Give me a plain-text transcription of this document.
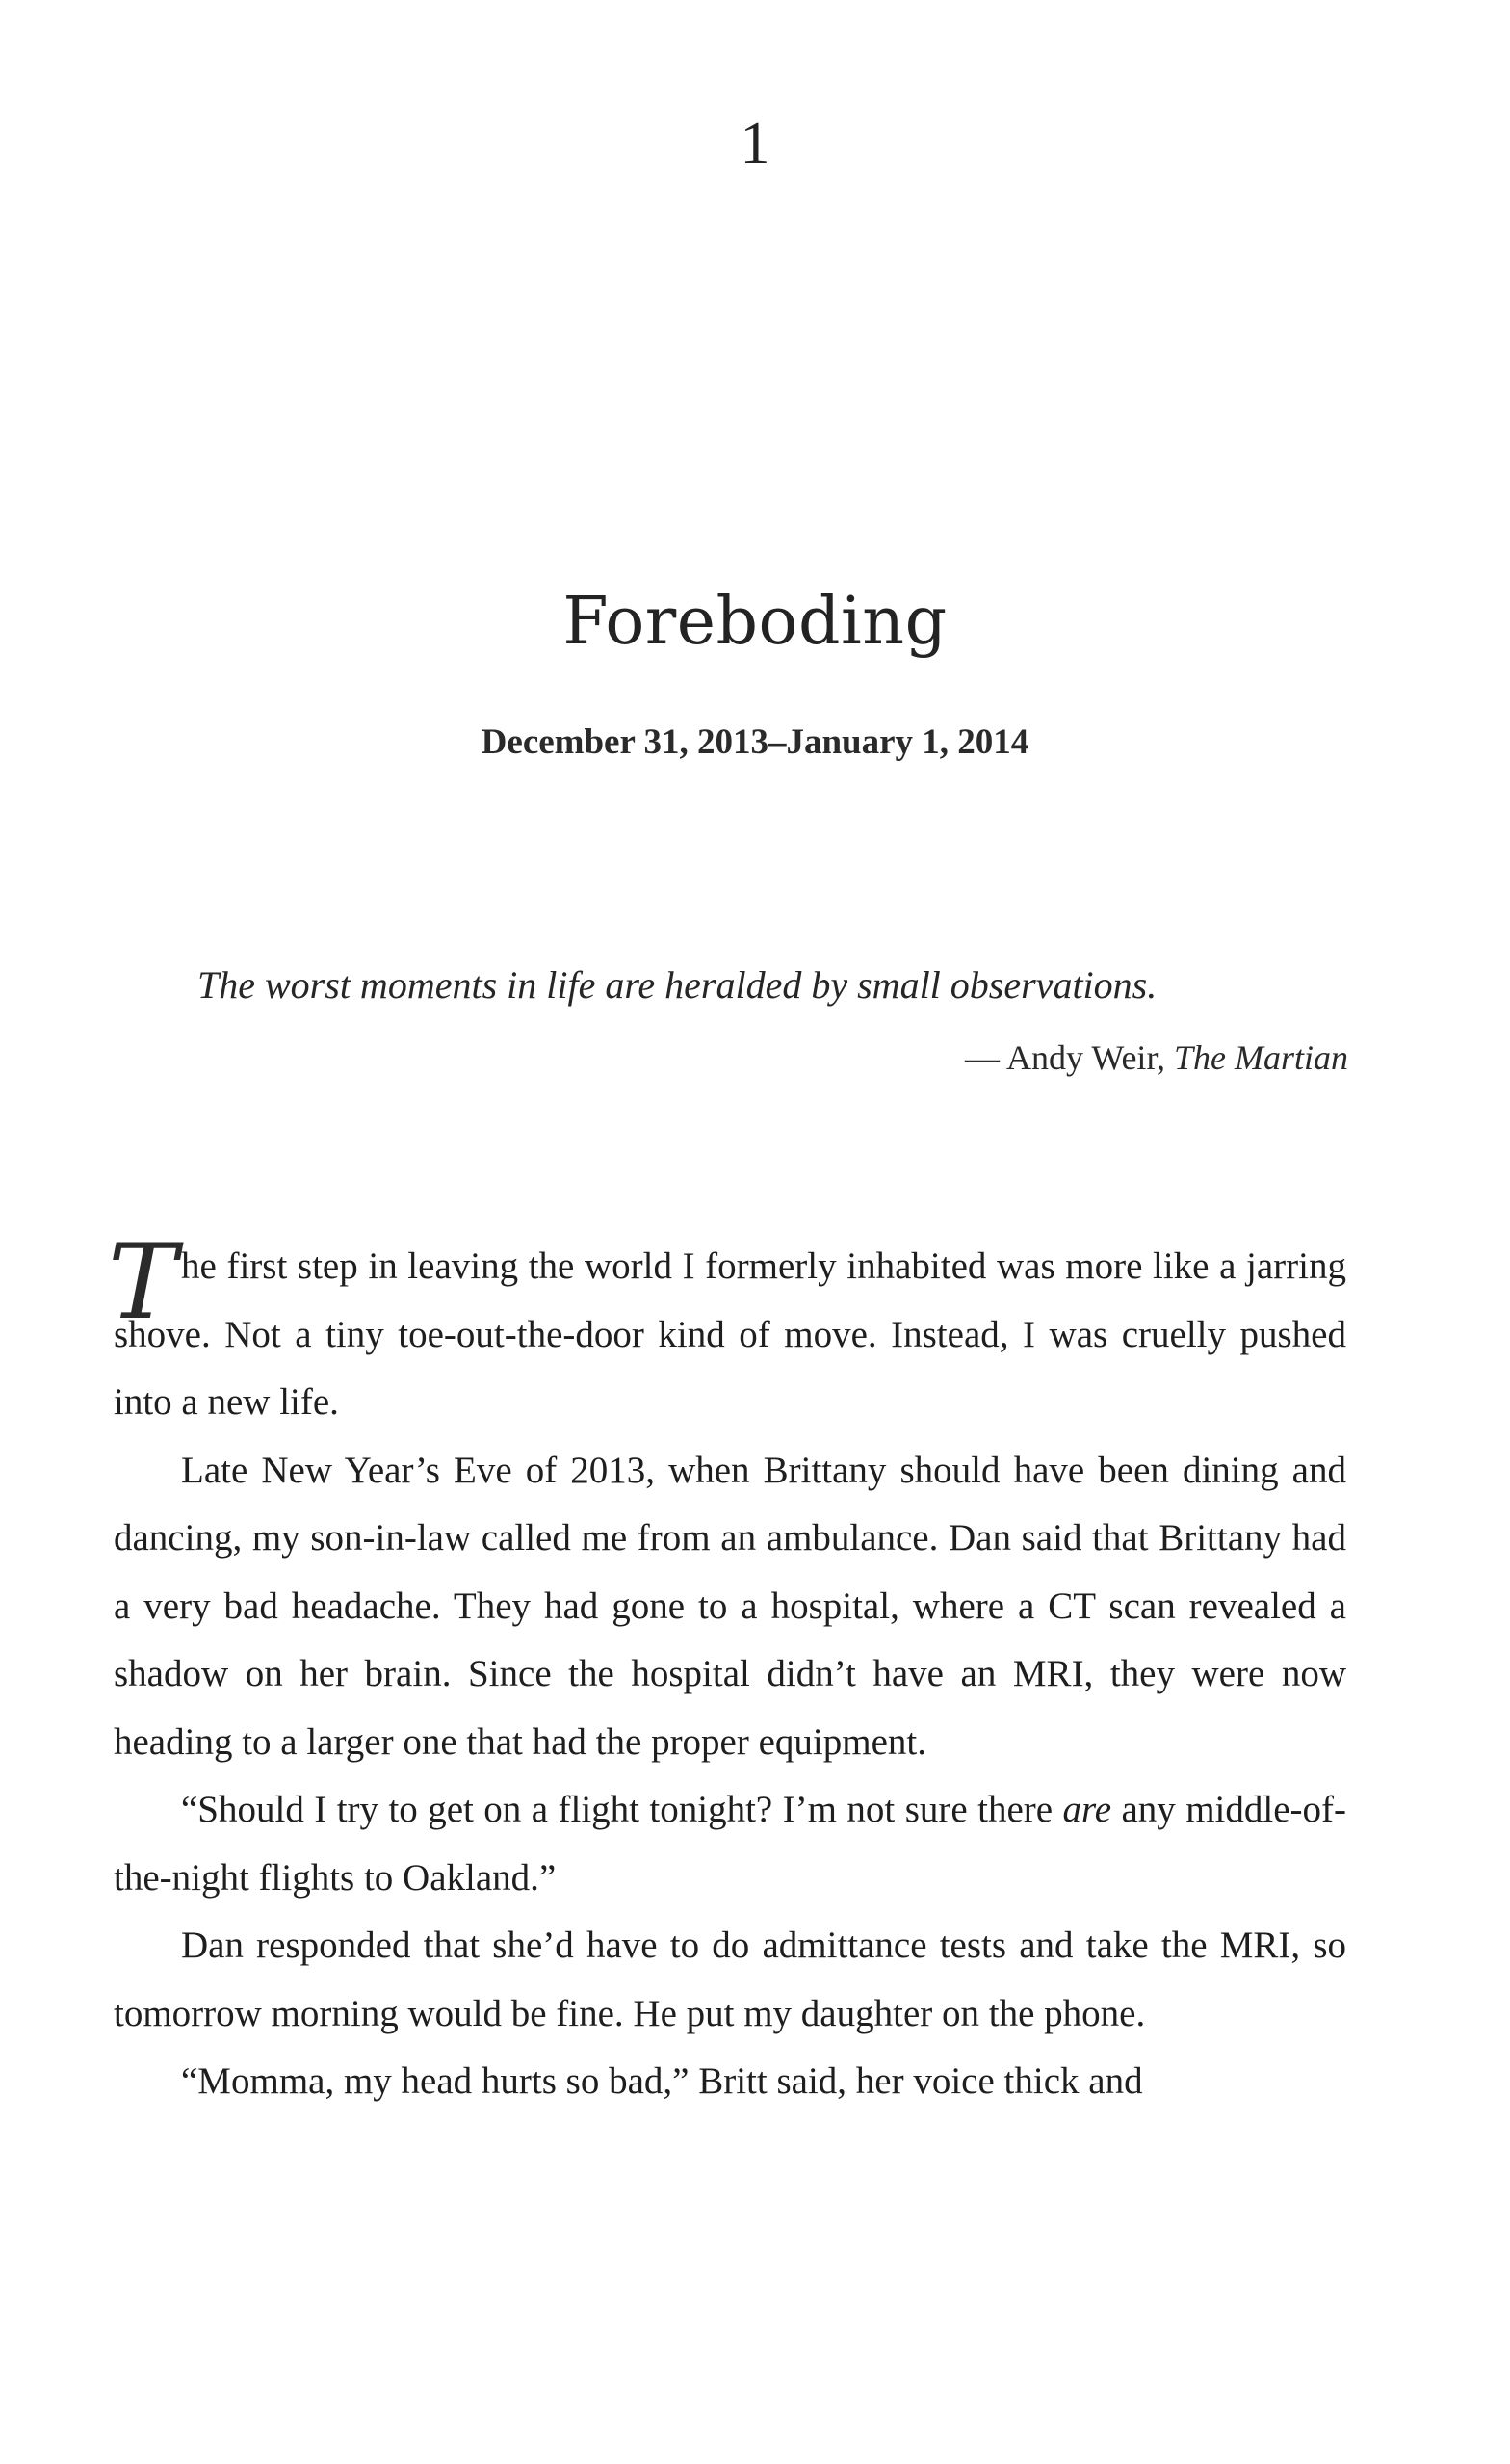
1
Foreboding
December 31, 2013–January 1, 2014
The worst moments in life are heralded by small observations.
— Andy Weir, The Martian

The first step in leaving the world I formerly inhabited was more like a jarring shove. Not a tiny toe-out-the-door kind of move. Instead, I was cruelly pushed into a new life.

Late New Year’s Eve of 2013, when Brittany should have been dining and dancing, my son-in-law called me from an ambulance. Dan said that Brittany had a very bad headache. They had gone to a hospital, where a CT scan revealed a shadow on her brain. Since the hospital didn’t have an MRI, they were now heading to a larger one that had the proper equipment.

“Should I try to get on a flight tonight? I’m not sure there are any middle-of-the-night flights to Oakland.”

Dan responded that she’d have to do admittance tests and take the MRI, so tomorrow morning would be fine. He put my daughter on the phone.

“Momma, my head hurts so bad,” Britt said, her voice thick and
